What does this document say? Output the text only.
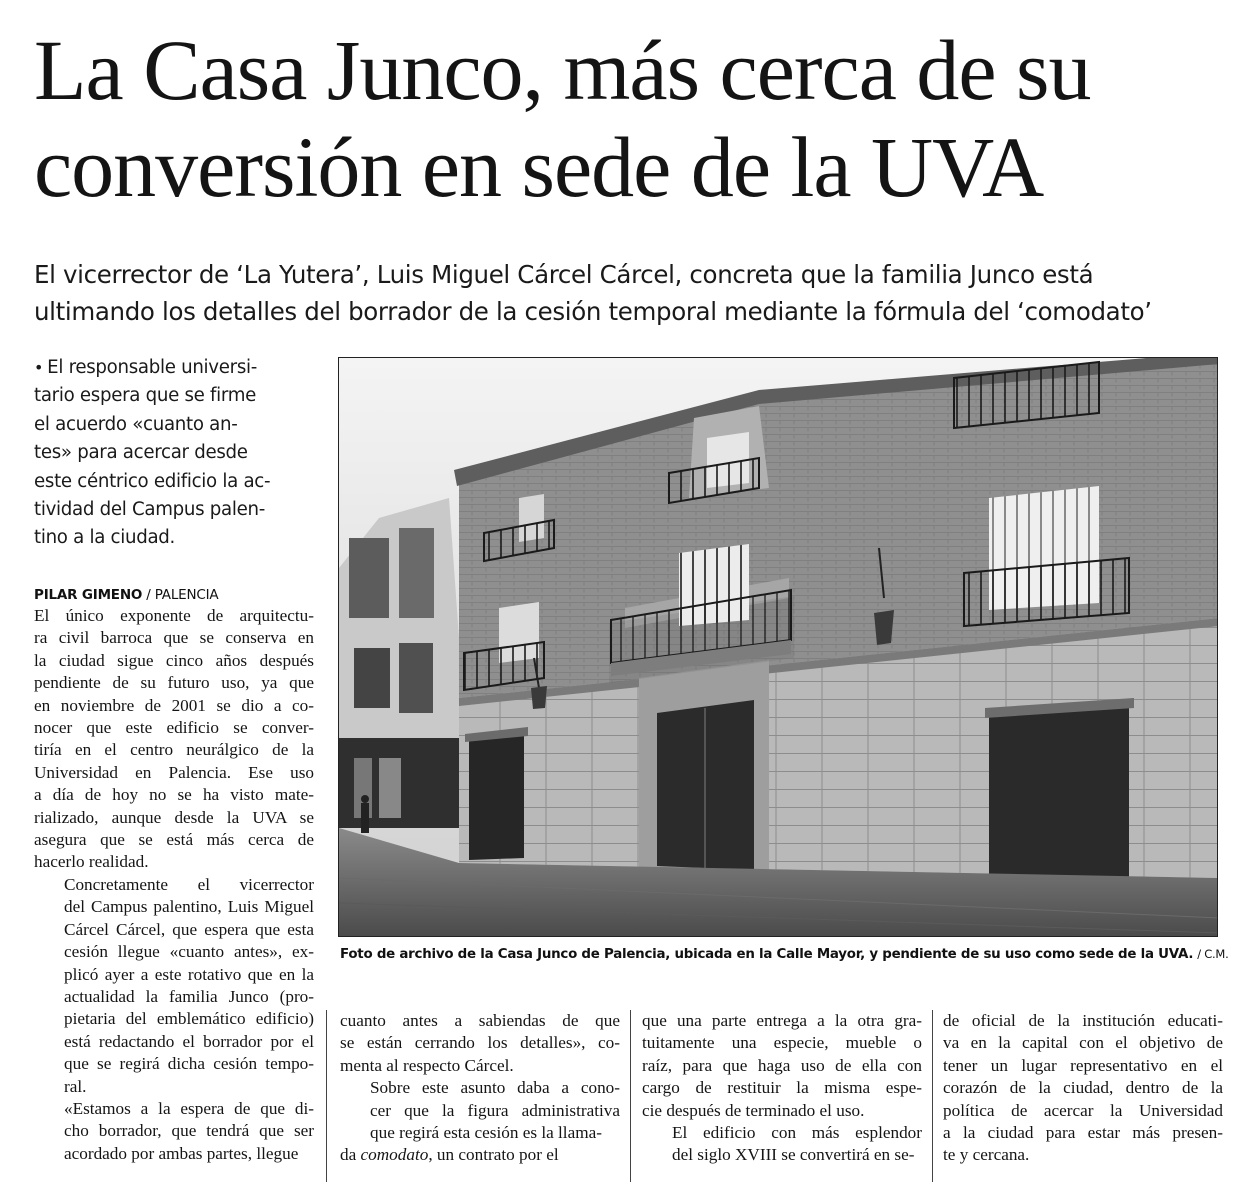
La Casa Junco, más cerca de su
conversión en sede de la UVA
El vicerrector de ‘La Yutera’, Luis Miguel Cárcel Cárcel, concreta que la familia Junco está
ultimando los detalles del borrador de la cesión temporal mediante la fórmula del ‘comodato’
• El responsable universi-
tario espera que se firme
el acuerdo «cuanto an-
tes» para acercar desde
este céntrico edificio la ac-
tividad del Campus palen-
tino a la ciudad.
PILAR GIMENO / PALENCIA

El único exponente de arquitectu-
ra civil barroca que se conserva en
la ciudad sigue cinco años después
pendiente de su futuro uso, ya que
en noviembre de 2001 se dio a co-
nocer que este edificio se conver-
tiría en el centro neurálgico de la
Universidad en Palencia. Ese uso
a día de hoy no se ha visto mate-
rializado, aunque desde la UVA se
asegura que se está más cerca de
hacerlo realidad.

Concretamente el vicerrector
del Campus palentino, Luis Miguel
Cárcel Cárcel, que espera que esta
cesión llegue «cuanto antes», ex-
plicó ayer a este rotativo que en la
actualidad la familia Junco (pro-
pietaria del emblemático edificio)
está redactando el borrador por el
que se regirá dicha cesión tempo-
ral.

«Estamos a la espera de que di-
cho borrador, que tendrá que ser
acordado por ambas partes, llegue

cuanto antes a sabiendas de que
se están cerrando los detalles», co-
menta al respecto Cárcel.

Sobre este asunto daba a cono-
cer que la figura administrativa
que regirá esta cesión es la llama-

da comodato, un contrato por el

que una parte entrega a la otra gra-
tuitamente una especie, mueble o
raíz, para que haga uso de ella con
cargo de restituir la misma espe-
cie después de terminado el uso.

El edificio con más esplendor
del siglo XVIII se convertirá en se-

de oficial de la institución educati-
va en la capital con el objetivo de
tener un lugar representativo en el
corazón de la ciudad, dentro de la
política de acercar la Universidad
a la ciudad para estar más presen-
te y cercana.

Foto de archivo de la Casa Junco de Palencia, ubicada en la Calle Mayor, y pendiente de su uso como sede de la UVA. / C.M.
